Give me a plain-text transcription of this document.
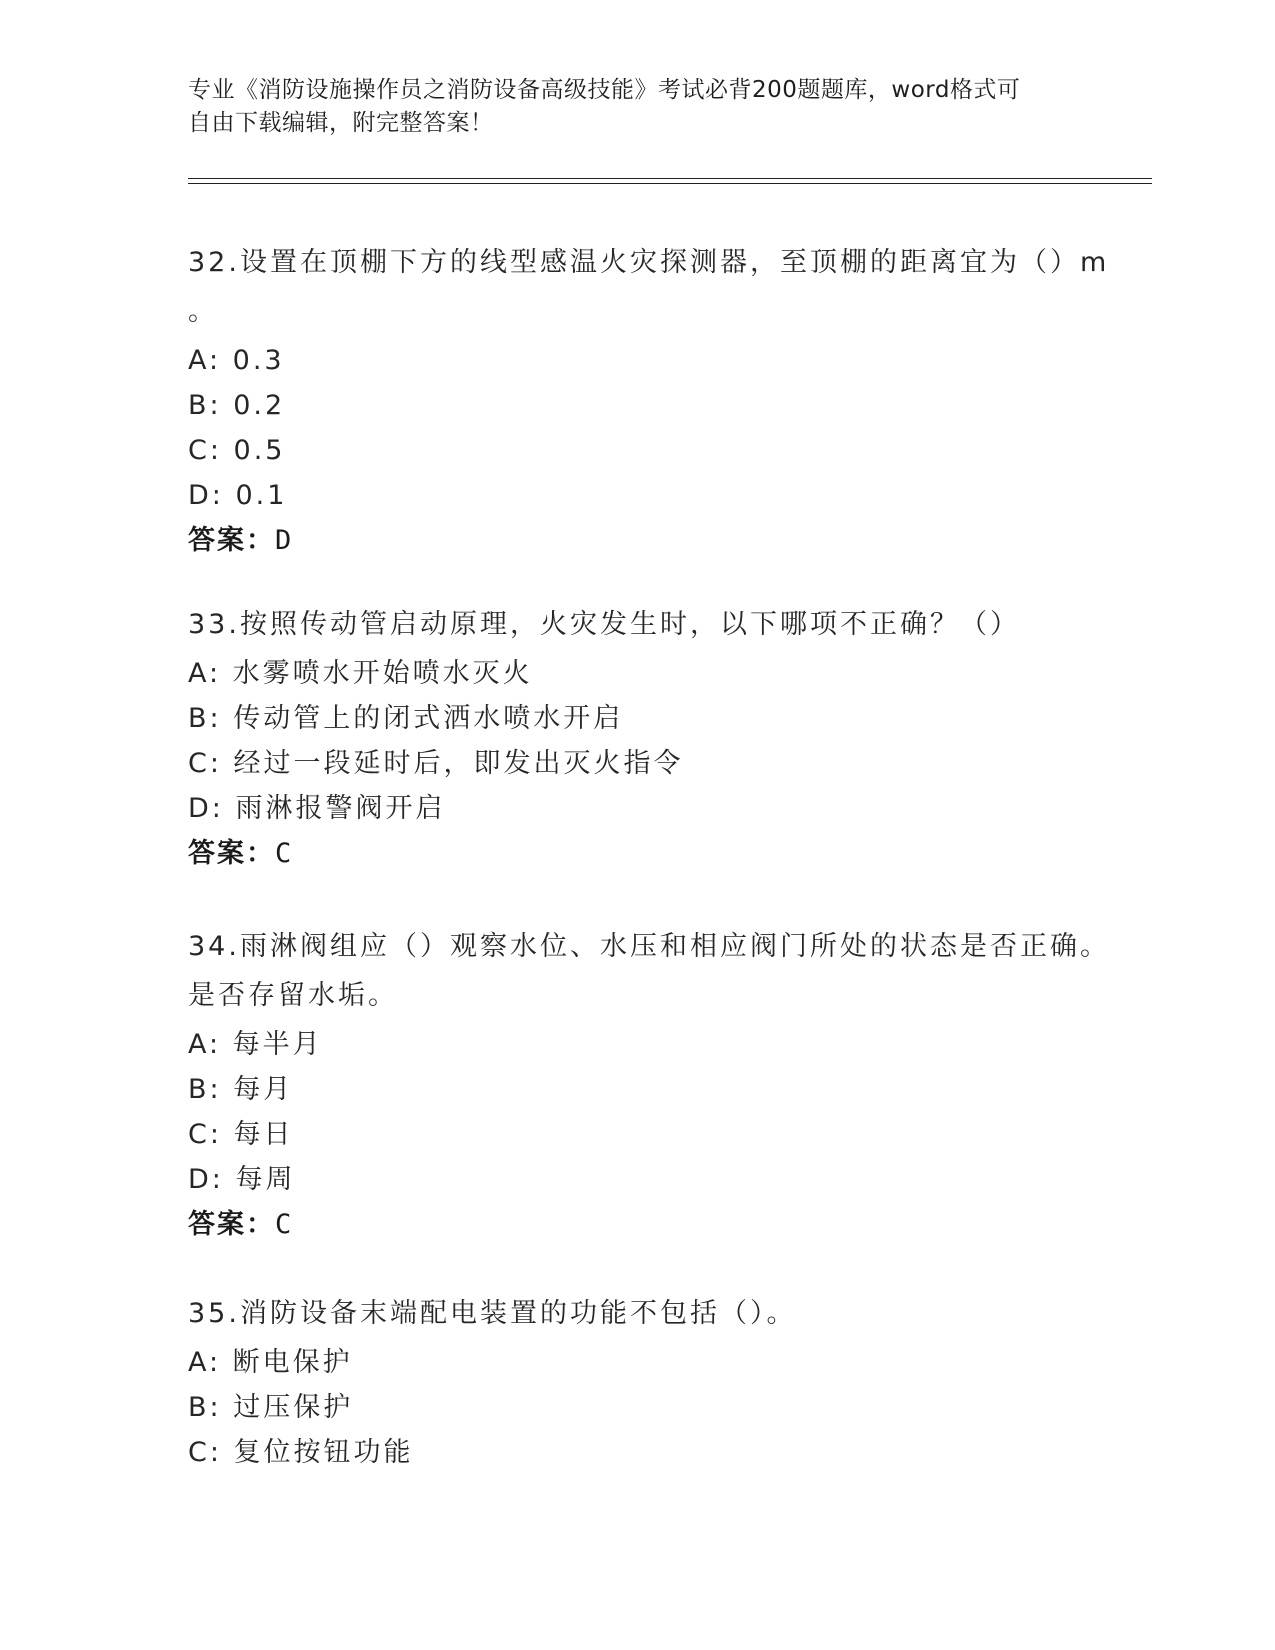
专业《消防设施操作员之消防设备高级技能》考试必背200题题库，word格式可
自由下载编辑，附完整答案！
32.设置在顶棚下方的线型感温火灾探测器，至顶棚的距离宜为（）m
。
A: 0.3
B: 0.2
C: 0.5
D: 0.1
答案：D
33.按照传动管启动原理，火灾发生时，以下哪项不正确？（）
A: 水雾喷水开始喷水灭火
B: 传动管上的闭式洒水喷水开启
C: 经过一段延时后，即发出灭火指令
D: 雨淋报警阀开启
答案：C
34.雨淋阀组应（）观察水位、水压和相应阀门所处的状态是否正确。
是否存留水垢。
A: 每半月
B: 每月
C: 每日
D: 每周
答案：C
35.消防设备末端配电装置的功能不包括（）。
A: 断电保护
B: 过压保护
C: 复位按钮功能
